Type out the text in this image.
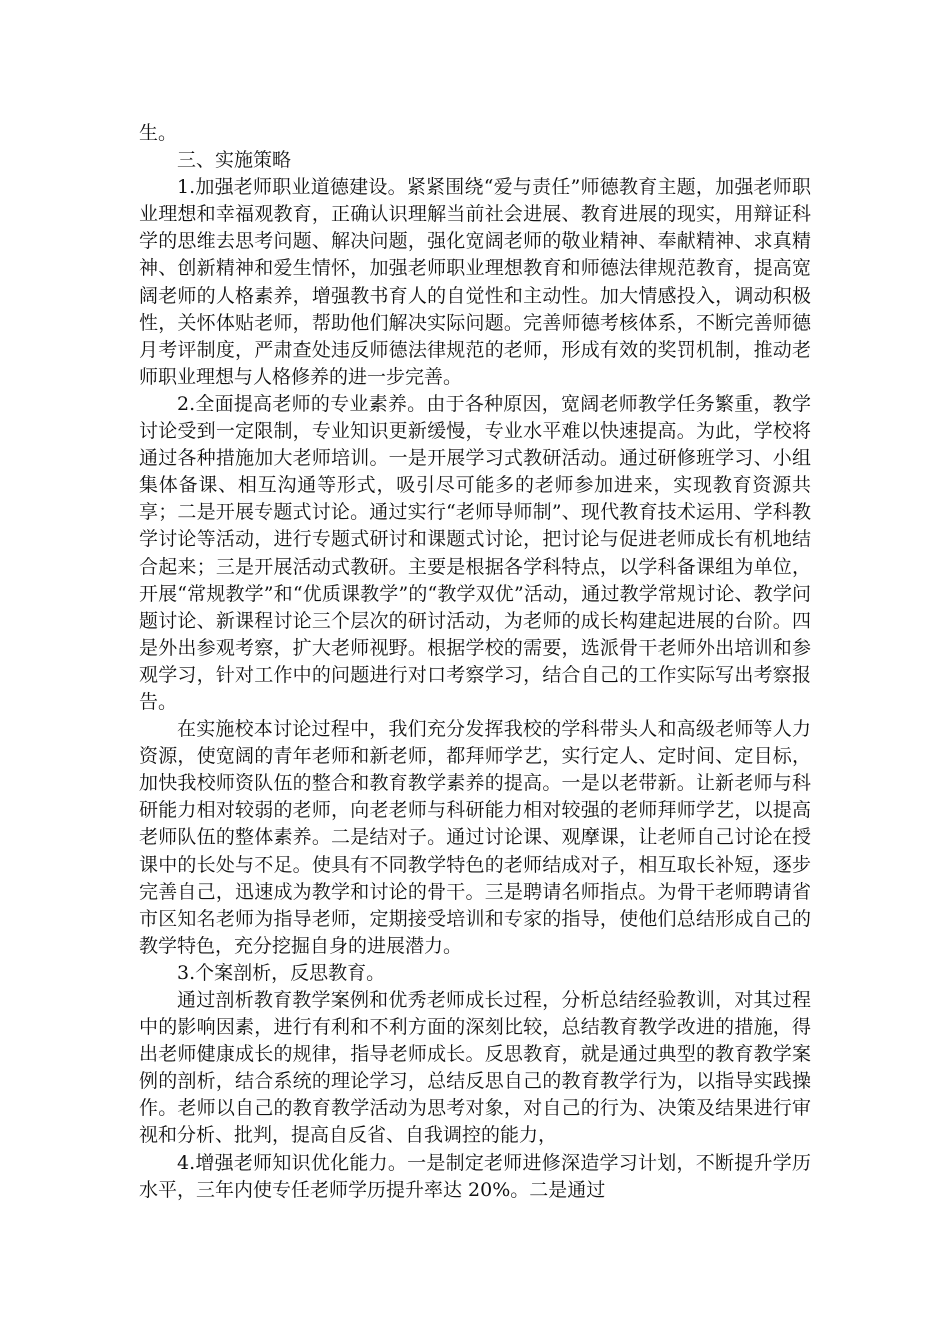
生。

三、实施策略

1.加强老师职业道德建设。紧紧围绕“爱与责任”师德教育主题，加强老师职业理想和幸福观教育，正确认识理解当前社会进展、教育进展的现实，用辩证科学的思维去思考问题、解决问题，强化宽阔老师的敬业精神、奉献精神、求真精神、创新精神和爱生情怀，加强老师职业理想教育和师德法律规范教育，提高宽阔老师的人格素养，增强教书育人的自觉性和主动性。加大情感投入，调动积极性，关怀体贴老师，帮助他们解决实际问题。完善师德考核体系，不断完善师德月考评制度，严肃查处违反师德法律规范的老师，形成有效的奖罚机制，推动老师职业理想与人格修养的进一步完善。

2.全面提高老师的专业素养。由于各种原因，宽阔老师教学任务繁重，教学讨论受到一定限制，专业知识更新缓慢，专业水平难以快速提高。为此，学校将通过各种措施加大老师培训。一是开展学习式教研活动。通过研修班学习、小组集体备课、相互沟通等形式，吸引尽可能多的老师参加进来，实现教育资源共享；二是开展专题式讨论。通过实行“老师导师制”、现代教育技术运用、学科教学讨论等活动，进行专题式研讨和课题式讨论，把讨论与促进老师成长有机地结合起来；三是开展活动式教研。主要是根据各学科特点，以学科备课组为单位，开展“常规教学”和“优质课教学”的“教学双优”活动，通过教学常规讨论、教学问题讨论、新课程讨论三个层次的研讨活动，为老师的成长构建起进展的台阶。四是外出参观考察，扩大老师视野。根据学校的需要，选派骨干老师外出培训和参观学习，针对工作中的问题进行对口考察学习，结合自己的工作实际写出考察报告。

在实施校本讨论过程中，我们充分发挥我校的学科带头人和高级老师等人力资源，使宽阔的青年老师和新老师，都拜师学艺，实行定人、定时间、定目标，加快我校师资队伍的整合和教育教学素养的提高。一是以老带新。让新老师与科研能力相对较弱的老师，向老老师与科研能力相对较强的老师拜师学艺，以提高老师队伍的整体素养。二是结对子。通过讨论课、观摩课，让老师自己讨论在授课中的长处与不足。使具有不同教学特色的老师结成对子，相互取长补短，逐步完善自己，迅速成为教学和讨论的骨干。三是聘请名师指点。为骨干老师聘请省市区知名老师为指导老师，定期接受培训和专家的指导，使他们总结形成自己的教学特色，充分挖掘自身的进展潜力。

3.个案剖析，反思教育。

通过剖析教育教学案例和优秀老师成长过程，分析总结经验教训，对其过程中的影响因素，进行有利和不利方面的深刻比较，总结教育教学改进的措施，得出老师健康成长的规律，指导老师成长。反思教育，就是通过典型的教育教学案例的剖析，结合系统的理论学习，总结反思自己的教育教学行为，以指导实践操作。老师以自己的教育教学活动为思考对象，对自己的行为、决策及结果进行审视和分析、批判，提高自反省、自我调控的能力，

4.增强老师知识优化能力。一是制定老师进修深造学习计划，不断提升学历水平，三年内使专任老师学历提升率达 20%。二是通过
